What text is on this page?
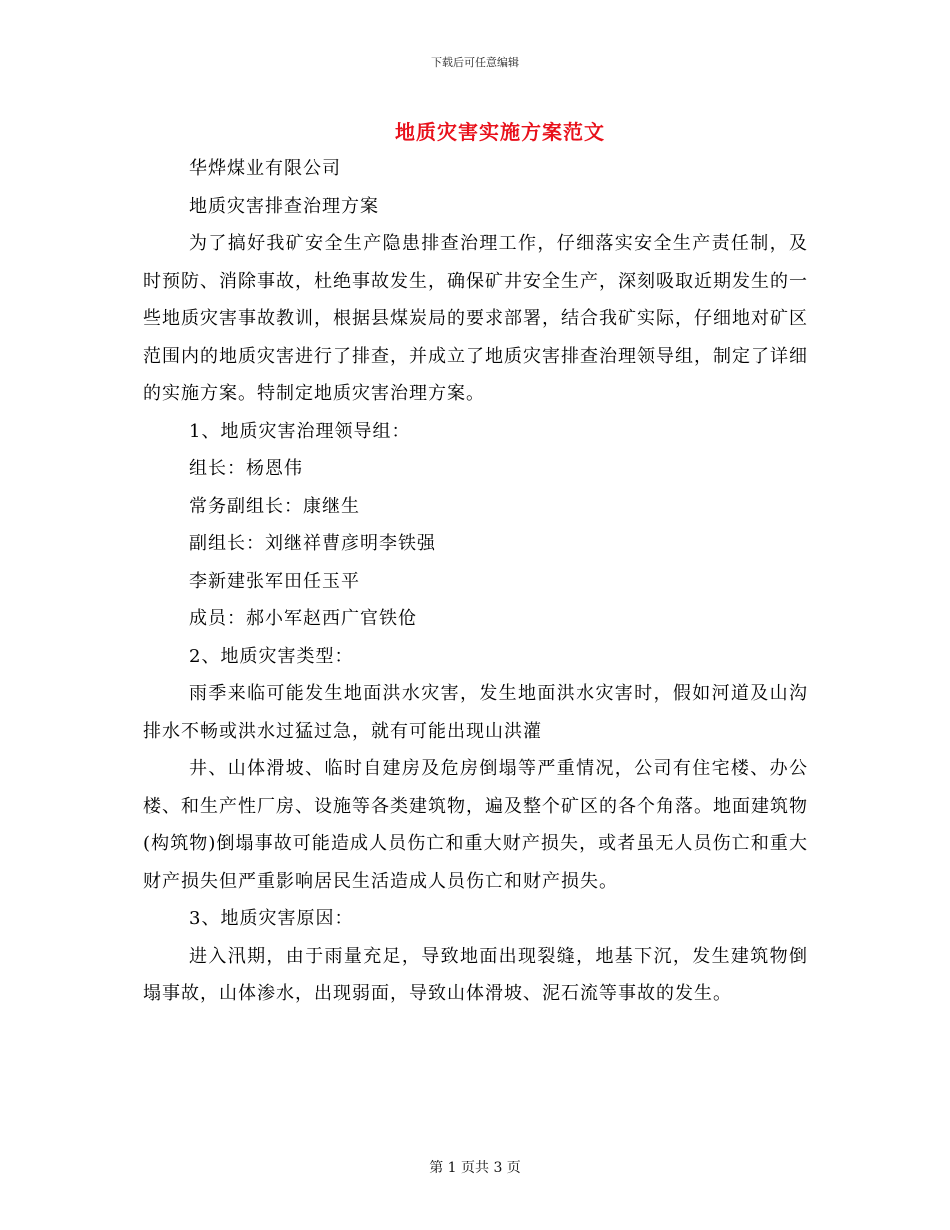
下载后可任意编辑
地质灾害实施方案范文

华烨煤业有限公司

地质灾害排查治理方案

为了搞好我矿安全生产隐患排查治理工作，仔细落实安全生产责任制，及时预防、消除事故，杜绝事故发生，确保矿井安全生产，深刻吸取近期发生的一些地质灾害事故教训，根据县煤炭局的要求部署，结合我矿实际，仔细地对矿区范围内的地质灾害进行了排查，并成立了地质灾害排查治理领导组，制定了详细的实施方案。特制定地质灾害治理方案。

1、地质灾害治理领导组：

组长：杨恩伟

常务副组长：康继生

副组长：刘继祥曹彦明李铁强

李新建张军田任玉平

成员：郝小军赵西广官铁伧

2、地质灾害类型：

雨季来临可能发生地面洪水灾害，发生地面洪水灾害时，假如河道及山沟排水不畅或洪水过猛过急，就有可能出现山洪灌

井、山体滑坡、临时自建房及危房倒塌等严重情况，公司有住宅楼、办公楼、和生产性厂房、设施等各类建筑物，遍及整个矿区的各个角落。地面建筑物(构筑物)倒塌事故可能造成人员伤亡和重大财产损失，或者虽无人员伤亡和重大财产损失但严重影响居民生活造成人员伤亡和财产损失。

3、地质灾害原因：

进入汛期，由于雨量充足，导致地面出现裂缝，地基下沉，发生建筑物倒塌事故，山体渗水，出现弱面，导致山体滑坡、泥石流等事故的发生。

第 1 页共 3 页
